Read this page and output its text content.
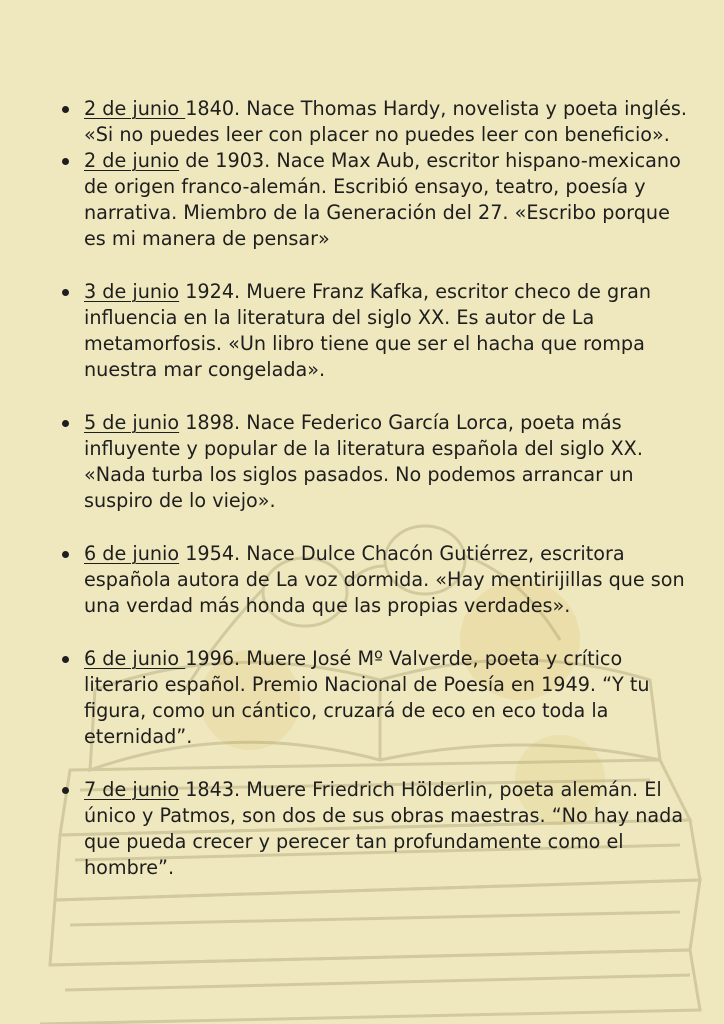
2 de junio 1840. Nace Thomas Hardy, novelista y poeta inglés. «Si no puedes leer con placer no puedes leer con beneficio».
2 de junio de 1903. Nace Max Aub, escritor hispano-mexicano de origen franco-alemán. Escribió ensayo, teatro, poesía y narrativa. Miembro de la Generación del 27. «Escribo porque es mi manera de pensar»
3 de junio 1924. Muere Franz Kafka, escritor checo de gran influencia en la literatura del siglo XX. Es autor de La metamorfosis. «Un libro tiene que ser el hacha que rompa nuestra mar congelada».
5 de junio 1898. Nace Federico García Lorca, poeta más influyente y popular de la literatura española del siglo XX. «Nada turba los siglos pasados. No podemos arrancar un suspiro de lo viejo».
6 de junio 1954. Nace Dulce Chacón Gutiérrez, escritora española autora de La voz dormida. «Hay mentirijillas que son una verdad más honda que las propias verdades».
6 de junio 1996. Muere José Mº Valverde, poeta y crítico literario español. Premio Nacional de Poesía en 1949. “Y tu figura, como un cántico, cruzará de eco en eco toda la eternidad”.
7 de junio 1843. Muere Friedrich Hölderlin, poeta alemán. El único y Patmos, son dos de sus obras maestras. “No hay nada que pueda crecer y perecer tan profundamente como el hombre”.
